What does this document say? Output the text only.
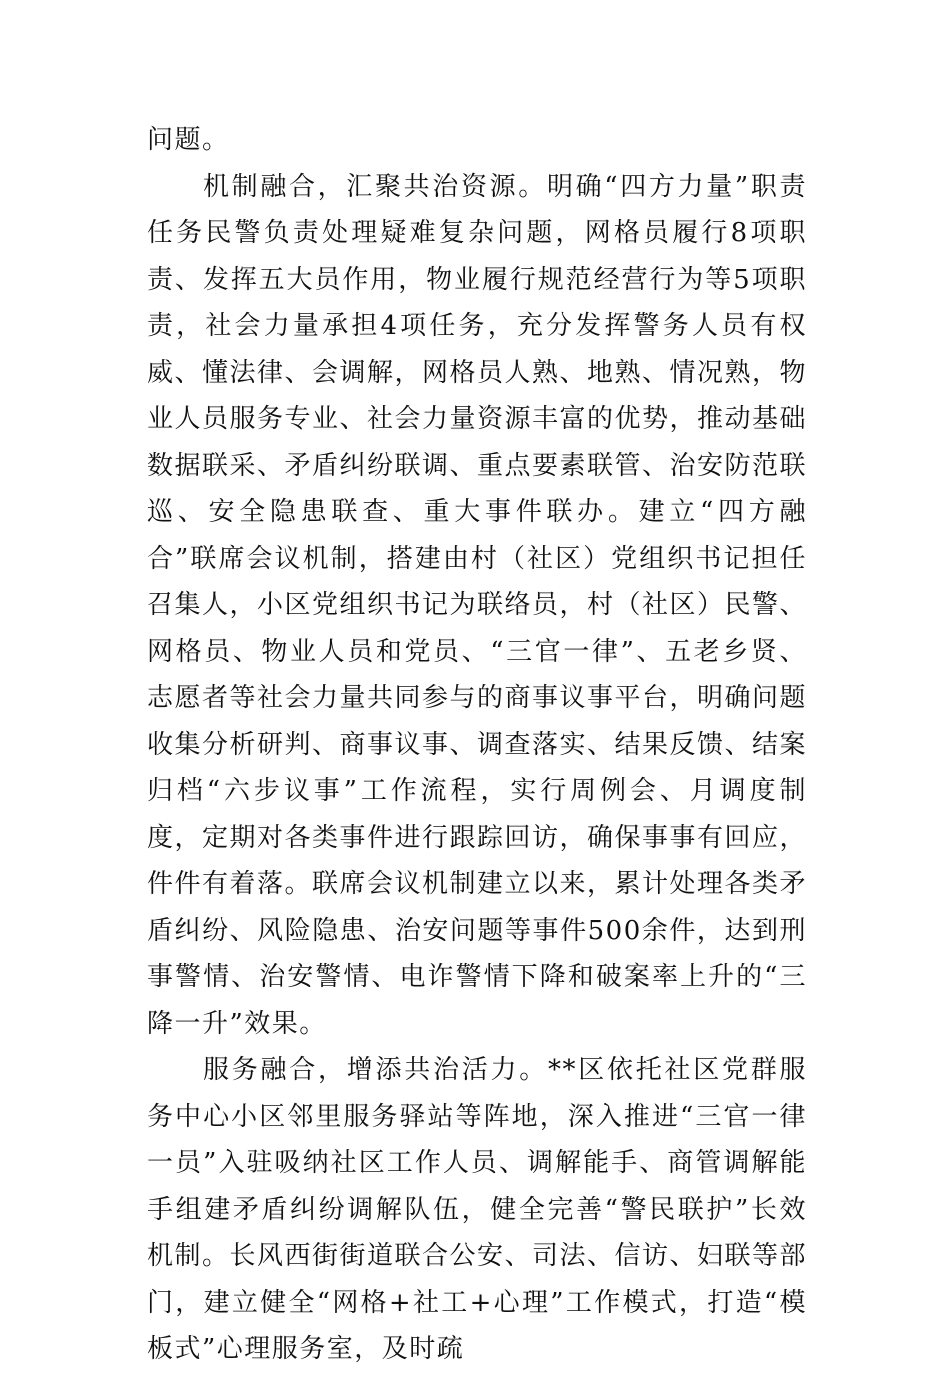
问题。

机制融合，汇聚共治资源。明确“四方力量”职责任务民警负责处理疑难复杂问题，网格员履行8项职责、发挥五大员作用，物业履行规范经营行为等5项职责，社会力量承担4项任务，充分发挥警务人员有权威、懂法律、会调解，网格员人熟、地熟、情况熟，物业人员服务专业、社会力量资源丰富的优势，推动基础数据联采、矛盾纠纷联调、重点要素联管、治安防范联巡、安全隐患联查、重大事件联办。建立“四方融合”联席会议机制，搭建由村（社区）党组织书记担任召集人，小区党组织书记为联络员，村（社区）民警、网格员、物业人员和党员、“三官一律”、五老乡贤、志愿者等社会力量共同参与的商事议事平台，明确问题收集分析研判、商事议事、调查落实、结果反馈、结案归档“六步议事”工作流程，实行周例会、月调度制度，定期对各类事件进行跟踪回访，确保事事有回应，件件有着落。联席会议机制建立以来，累计处理各类矛盾纠纷、风险隐患、治安问题等事件500余件，达到刑事警情、治安警情、电诈警情下降和破案率上升的“三降一升”效果。

服务融合，增添共治活力。**区依托社区党群服务中心小区邻里服务驿站等阵地，深入推进“三官一律一员”入驻吸纳社区工作人员、调解能手、商管调解能手组建矛盾纠纷调解队伍，健全完善“警民联护”长效机制。长风西街街道联合公安、司法、信访、妇联等部门，建立健全“网格+社工+心理”工作模式，打造“模板式”心理服务室，及时疏
